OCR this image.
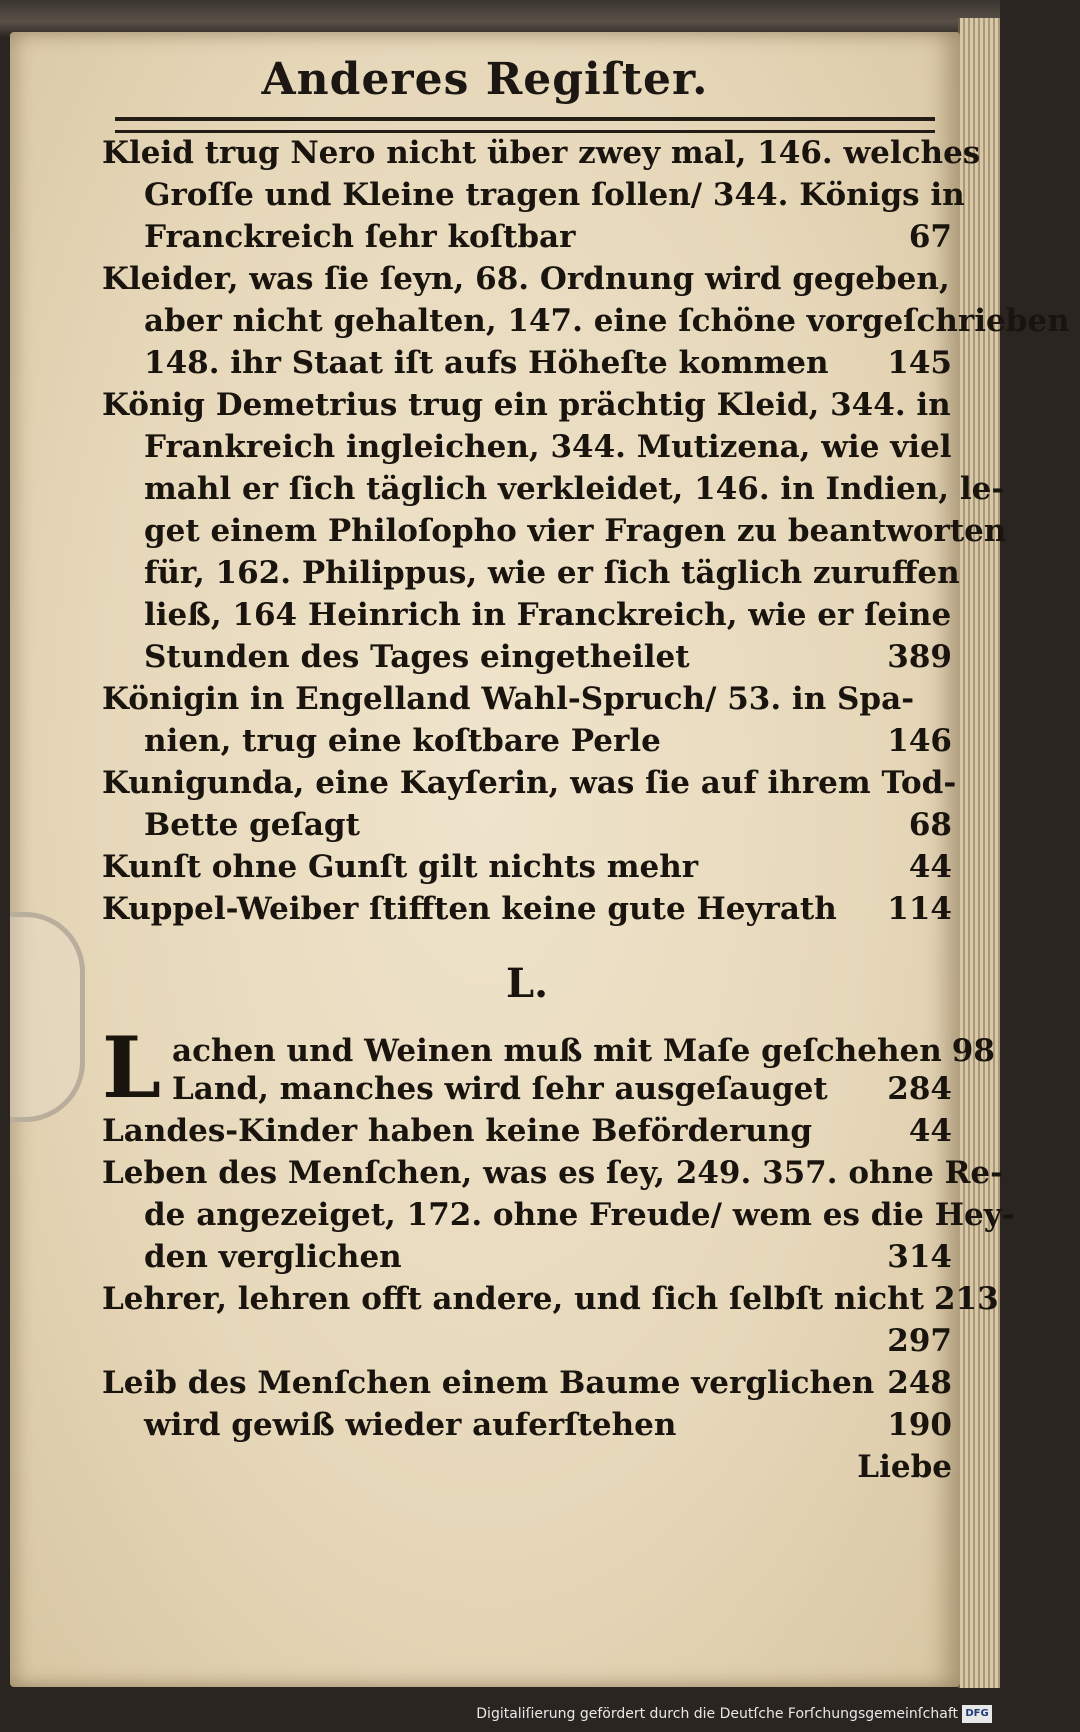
Anderes Regiſter.
Kleid trug Nero nicht über zwey mal, 146. welches
Groſſe und Kleine tragen ſollen/ 344. Königs in
Franckreich ſehr koſtbar	67
Kleider, was ſie ſeyn, 68. Ordnung wird gegeben,
aber nicht gehalten, 147. eine ſchöne vorgeſchrieben
148. ihr Staat iſt aufs Höheſte kommen	145
König Demetrius trug ein prächtig Kleid, 344. in
Frankreich ingleichen, 344. Mutizena, wie viel
mahl er ſich täglich verkleidet, 146. in Indien, le-
get einem Philoſopho vier Fragen zu beantworten
für, 162. Philippus, wie er ſich täglich zuruffen
ließ, 164 Heinrich in Franckreich, wie er ſeine
Stunden des Tages eingetheilet	389
Königin in Engelland Wahl-Spruch/ 53. in Spa-
nien, trug eine koſtbare Perle	146
Kunigunda, eine Kayſerin, was ſie auf ihrem Tod-
Bette geſagt	68
Kunſt ohne Gunſt gilt nichts mehr	44
Kuppel-Weiber ſtifften keine gute Heyrath	114
L.
Lachen und Weinen muß mit Maſe geſchehen 98
Land, manches wird ſehr ausgeſauget	284
Landes-Kinder haben keine Beförderung	44
Leben des Menſchen, was es ſey, 249. 357. ohne Re-
de angezeiget, 172. ohne Freude/ wem es die Hey-
den verglichen	314
Lehrer, lehren offt andere, und ſich ſelbſt nicht 213
297
Leib des Menſchen einem Baume verglichen 248
wird gewiß wieder auferſtehen	190
Liebe
Digitaliſierung gefördert durch die Deutſche Forſchungsgemeinſchaft DFG
